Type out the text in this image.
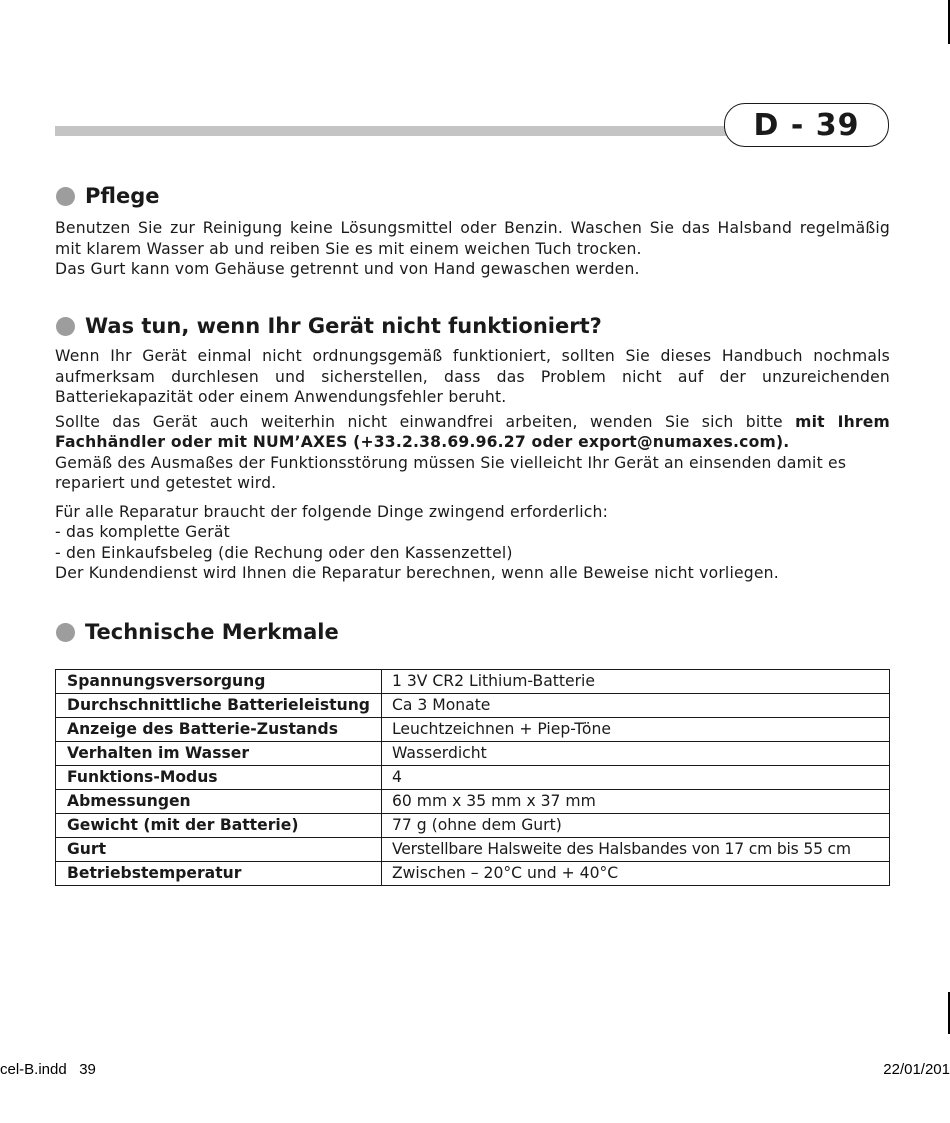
D - 39
Pflege

Benutzen Sie zur Reinigung keine Lösungsmittel oder Benzin. Waschen Sie das Halsband regelmäßig mit klarem Wasser ab und reiben Sie es mit einem weichen Tuch trocken.

Das Gurt kann vom Gehäuse getrennt und von Hand gewaschen werden.

Was tun, wenn Ihr Gerät nicht funktioniert?

Wenn Ihr Gerät einmal nicht ordnungsgemäß funktioniert, sollten Sie dieses Handbuch nochmals aufmerksam durchlesen und sicherstellen, dass das Problem nicht auf der unzureichenden Batteriekapazität oder einem Anwendungsfehler beruht.

Sollte das Gerät auch weiterhin nicht einwandfrei arbeiten, wenden Sie sich bitte mit Ihrem Fachhändler oder mit NUM’AXES (+33.2.38.69.96.27 oder export@numaxes.com).

Gemäß des Ausmaßes der Funktionsstörung müssen Sie vielleicht Ihr Gerät an einsenden damit es repariert und getestet wird.

Für alle Reparatur braucht der folgende Dinge zwingend erforderlich:

- das komplette Gerät

- den Einkaufsbeleg (die Rechung oder den Kassenzettel)

Der Kundendienst wird Ihnen die Reparatur berechnen, wenn alle Beweise nicht vorliegen.

Technische Merkmale
Spannungsversorgung	1 3V CR2 Lithium-Batterie
Durchschnittliche Batterieleistung	Ca 3 Monate
Anzeige des Batterie-Zustands	Leuchtzeichnen + Piep-Töne
Verhalten im Wasser	Wasserdicht
Funktions-Modus	4
Abmessungen	60 mm x 35 mm x 37 mm
Gewicht (mit der Batterie)	77 g (ohne dem Gurt)
Gurt	Verstellbare Halsweite des Halsbandes von 17 cm bis 55 cm
Betriebstemperatur	Zwischen – 20°C und + 40°C
cel-B.indd   39	22/01/201
